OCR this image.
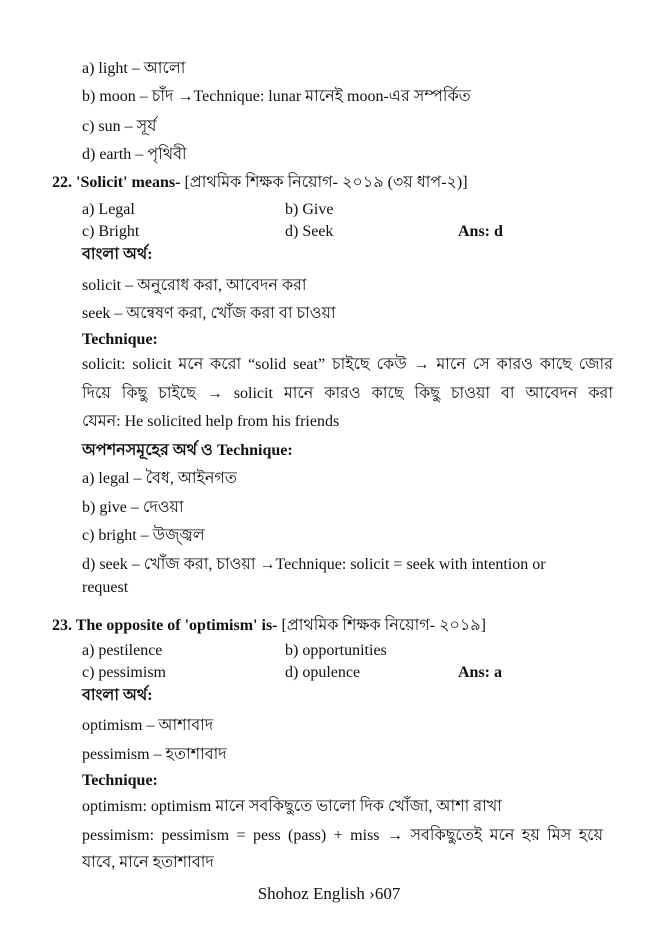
a) light – আলো
b) moon – চাঁদ →Technique: lunar মানেই moon-এর সম্পর্কিত
c) sun – সূর্য
d) earth – পৃথিবী
22. 'Solicit' means- [প্রাথমিক শিক্ষক নিয়োগ- ২০১৯ (৩য় ধাপ-২)]
a) Legal	b) Give
c) Bright	d) Seek	Ans: d
বাংলা অর্থ:
solicit – অনুরোধ করা, আবেদন করা
seek – অন্বেষণ করা, খোঁজ করা বা চাওয়া
Technique:
solicit: solicit মনে করো “solid seat” চাইছে কেউ → মানে সে কারও কাছে জোর
দিয়ে কিছু চাইছে → solicit মানে কারও কাছে কিছু চাওয়া বা আবেদন করা
যেমন: He solicited help from his friends
অপশনসমূহের অর্থ ও Technique:
a) legal – বৈধ, আইনগত
b) give – দেওয়া
c) bright – উজ্জ্বল
d) seek – খোঁজ করা, চাওয়া →Technique: solicit = seek with intention or
request
23. The opposite of 'optimism' is- [প্রাথমিক শিক্ষক নিয়োগ- ২০১৯]
a) pestilence	b) opportunities
c) pessimism	d) opulence	Ans: a
বাংলা অর্থ:
optimism – আশাবাদ
pessimism – হতাশাবাদ
Technique:
optimism: optimism মানে সবকিছুতে ভালো দিক খোঁজা, আশা রাখা
pessimism: pessimism = pess (pass) + miss → সবকিছুতেই মনে হয় মিস হয়ে
যাবে, মানে হতাশাবাদ
Shohoz English ›607
